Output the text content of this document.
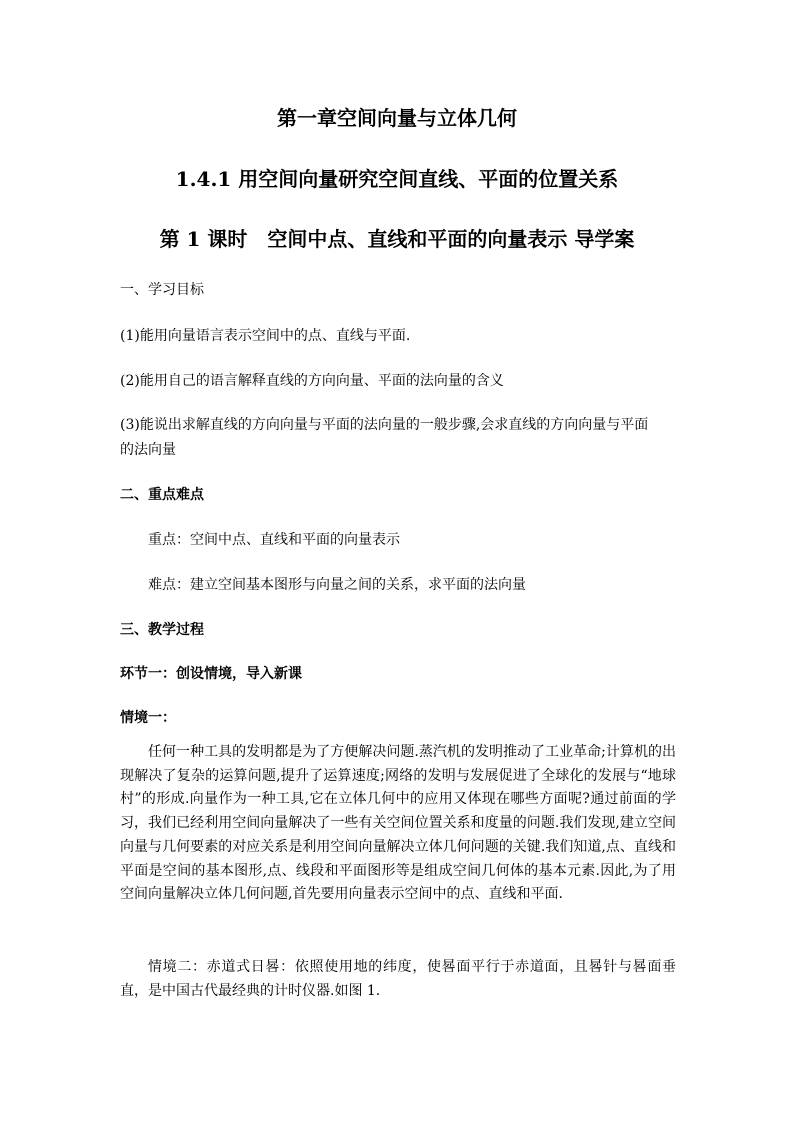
第一章空间向量与立体几何
1.4.1 用空间向量研究空间直线、平面的位置关系
第 1 课时　空间中点、直线和平面的向量表示 导学案
一、学习目标
(1)能用向量语言表示空间中的点、直线与平面.
(2)能用自己的语言解释直线的方向向量、平面的法向量的含义
(3)能说出求解直线的方向向量与平面的法向量的一般步骤,会求直线的方向向量与平面
的法向量
二、重点难点
重点：空间中点、直线和平面的向量表示
难点：建立空间基本图形与向量之间的关系，求平面的法向量
三、教学过程
环节一：创设情境，导入新课
情境一：
任何一种工具的发明都是为了方便解决问题.蒸汽机的发明推动了工业革命;计算机的出现解决了复杂的运算问题,提升了运算速度;网络的发明与发展促进了全球化的发展与“地球村”的形成.向量作为一种工具,它在立体几何中的应用又体现在哪些方面呢?通过前面的学习，我们已经利用空间向量解决了一些有关空间位置关系和度量的问题.我们发现,建立空间向量与几何要素的对应关系是利用空间向量解决立体几何问题的关键.我们知道,点、直线和平面是空间的基本图形,点、线段和平面图形等是组成空间几何体的基本元素.因此,为了用空间向量解决立体几何问题,首先要用向量表示空间中的点、直线和平面.
情境二：赤道式日晷：依照使用地的纬度，使晷面平行于赤道面，且晷针与晷面垂直，是中国古代最经典的计时仪器.如图 1.
